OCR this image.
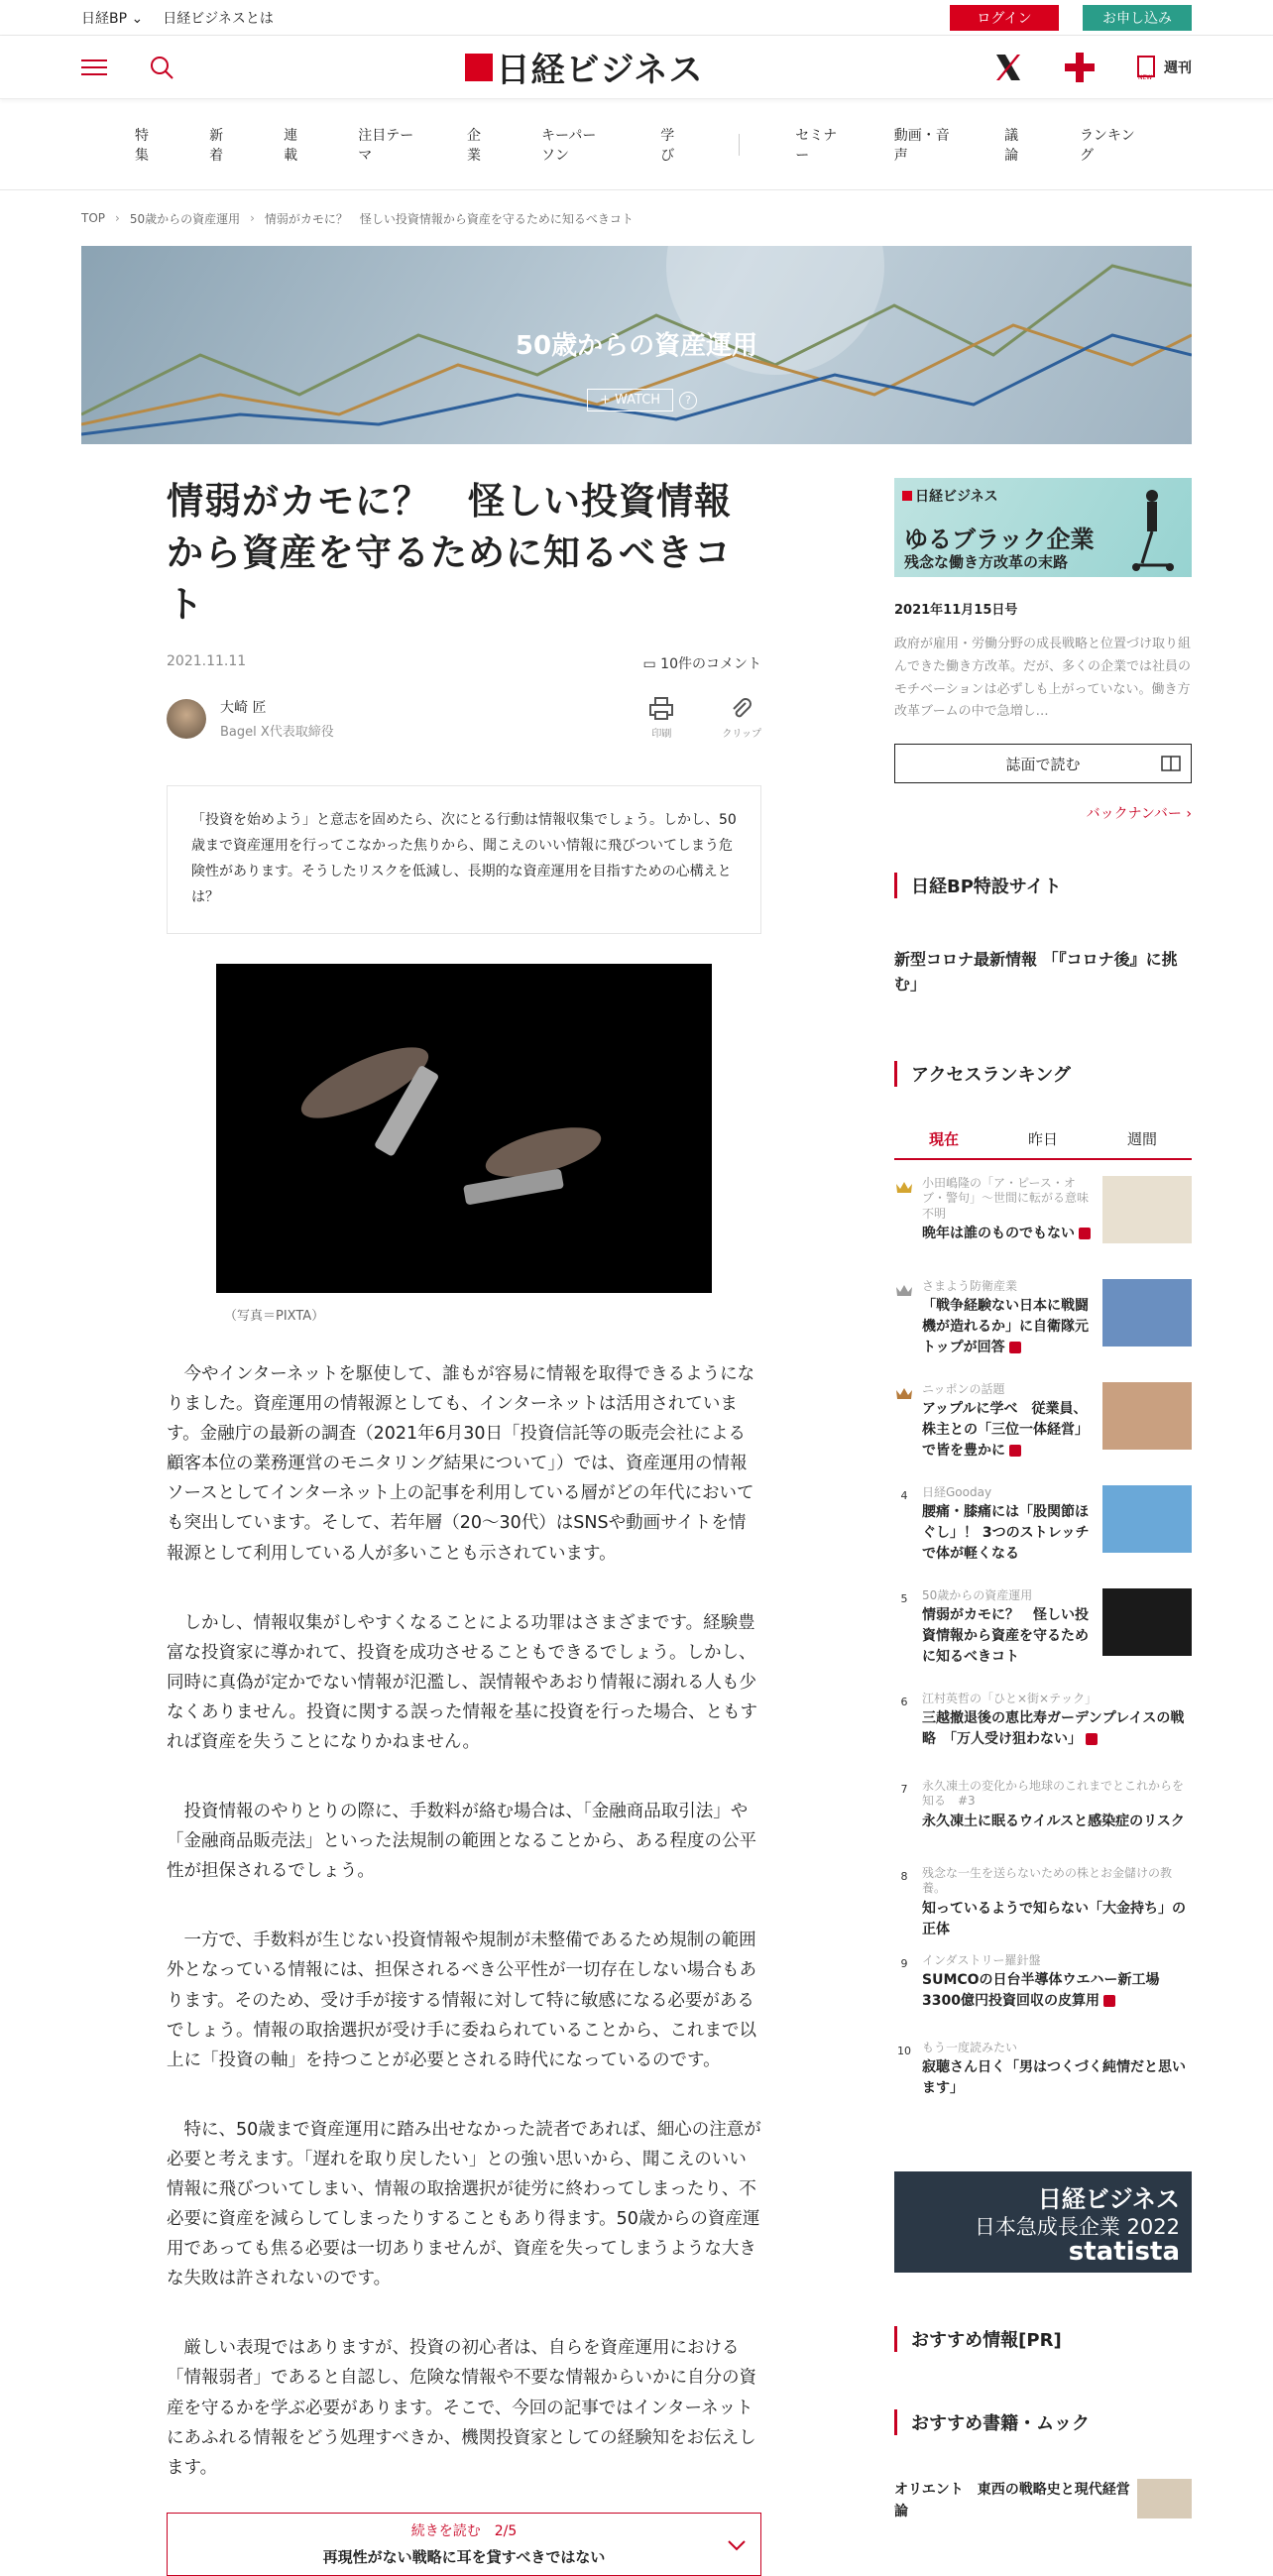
日経BP ⌄ 日経ビジネスとは	ログイン	お申し込み
日経ビジネス	NEW
週刊
特集
新着
連載
注目テーマ
企業
キーパーソン
学び
セミナー
動画・音声
議論
ランキング
TOP › 50歳からの資産運用 › 情弱がカモに？　怪しい投資情報から資産を守るために知るべきコト
50歳からの資産運用
+ WATCH	?
情弱がカモに？　怪しい投資情報から資産を守るために知るべきコト
2021.11.11	▭ 10件のコメント
大崎 匠
Bagel X代表取締役	印刷	クリップ
「投資を始めよう」と意志を固めたら、次にとる行動は情報収集でしょう。しかし、50歳まで資産運用を行ってこなかった焦りから、聞こえのいい情報に飛びついてしまう危険性があります。そうしたリスクを低減し、長期的な資産運用を目指すための心構えとは？
（写真＝PIXTA）

今やインターネットを駆使して、誰もが容易に情報を取得できるようになりました。資産運用の情報源としても、インターネットは活用されています。金融庁の最新の調査（2021年6月30日「投資信託等の販売会社による顧客本位の業務運営のモニタリング結果について」）では、資産運用の情報ソースとしてインターネット上の記事を利用している層がどの年代においても突出しています。そして、若年層（20～30代）はSNSや動画サイトを情報源として利用している人が多いことも示されています。

しかし、情報収集がしやすくなることによる功罪はさまざまです。経験豊富な投資家に導かれて、投資を成功させることもできるでしょう。しかし、同時に真偽が定かでない情報が氾濫し、誤情報やあおり情報に溺れる人も少なくありません。投資に関する誤った情報を基に投資を行った場合、ともすれば資産を失うことになりかねません。

投資情報のやりとりの際に、手数料が絡む場合は、「金融商品取引法」や「金融商品販売法」といった法規制の範囲となることから、ある程度の公平性が担保されるでしょう。

一方で、手数料が生じない投資情報や規制が未整備であるため規制の範囲外となっている情報には、担保されるべき公平性が一切存在しない場合もあります。そのため、受け手が接する情報に対して特に敏感になる必要があるでしょう。情報の取捨選択が受け手に委ねられていることから、これまで以上に「投資の軸」を持つことが必要とされる時代になっているのです。

特に、50歳まで資産運用に踏み出せなかった読者であれば、細心の注意が必要と考えます。「遅れを取り戻したい」との強い思いから、聞こえのいい情報に飛びついてしまい、情報の取捨選択が徒労に終わってしまったり、不必要に資産を減らしてしまったりすることもあり得ます。50歳からの資産運用であっても焦る必要は一切ありませんが、資産を失ってしまうような大きな失敗は許されないのです。

厳しい表現ではありますが、投資の初心者は、自らを資産運用における「情報弱者」であると自認し、危険な情報や不要な情報からいかに自分の資産を守るかを学ぶ必要があります。そこで、今回の記事ではインターネットにあふれる情報をどう処理すべきか、機関投資家としての経験知をお伝えします。

続きを読む　2/5
再現性がない戦略に耳を貸すべきではない
日経ビジネス
ゆるブラック企業
残念な働き方改革の末路
2021年11月15日号
政府が雇用・労働分野の成長戦略と位置づけ取り組んできた働き方改革。だが、多くの企業では社員のモチベーションは必ずしも上がっていない。働き方改革ブームの中で急増し…
誌面で読む
バックナンバー ›
日経BP特設サイト
新型コロナ最新情報 「『コロナ後』に挑む」
アクセスランキング
現在	昨日	週間
小田嶋隆の「ア・ピース・オブ・警句」～世間に転がる意味不明
晩年は誰のものでもない
さまよう防衛産業
「戦争経験ない日本に戦闘機が造れるか」に自衛隊元トップが回答
ニッポンの話題
アップルに学べ　従業員、株主との「三位一体経営」で皆を豊かに
4	日経Gooday
腰痛・膝痛には「股関節ほぐし」！ 3つのストレッチで体が軽くなる
5	50歳からの資産運用
情弱がカモに？　怪しい投資情報から資産を守るために知るべきコト
6	江村英哲の「ひと×街×テック」
三越撤退後の恵比寿ガーデンプレイスの戦略　「万人受け狙わない」
7	永久凍土の変化から地球のこれまでとこれからを知る　#3
永久凍土に眠るウイルスと感染症のリスク
8	残念な一生を送らないための株とお金儲けの教養。
知っているようで知らない「大金持ち」の正体
9	インダストリー羅針盤
SUMCOの日台半導体ウエハー新工場　3300億円投資回収の皮算用
10 もう一度読みたい
寂聴さん日く「男はつくづく純情だと思います」
日経ビジネス
日本急成長企業 2022
statista
おすすめ情報[PR]
おすすめ書籍・ムック
オリエント　東西の戦略史と現代経営論
